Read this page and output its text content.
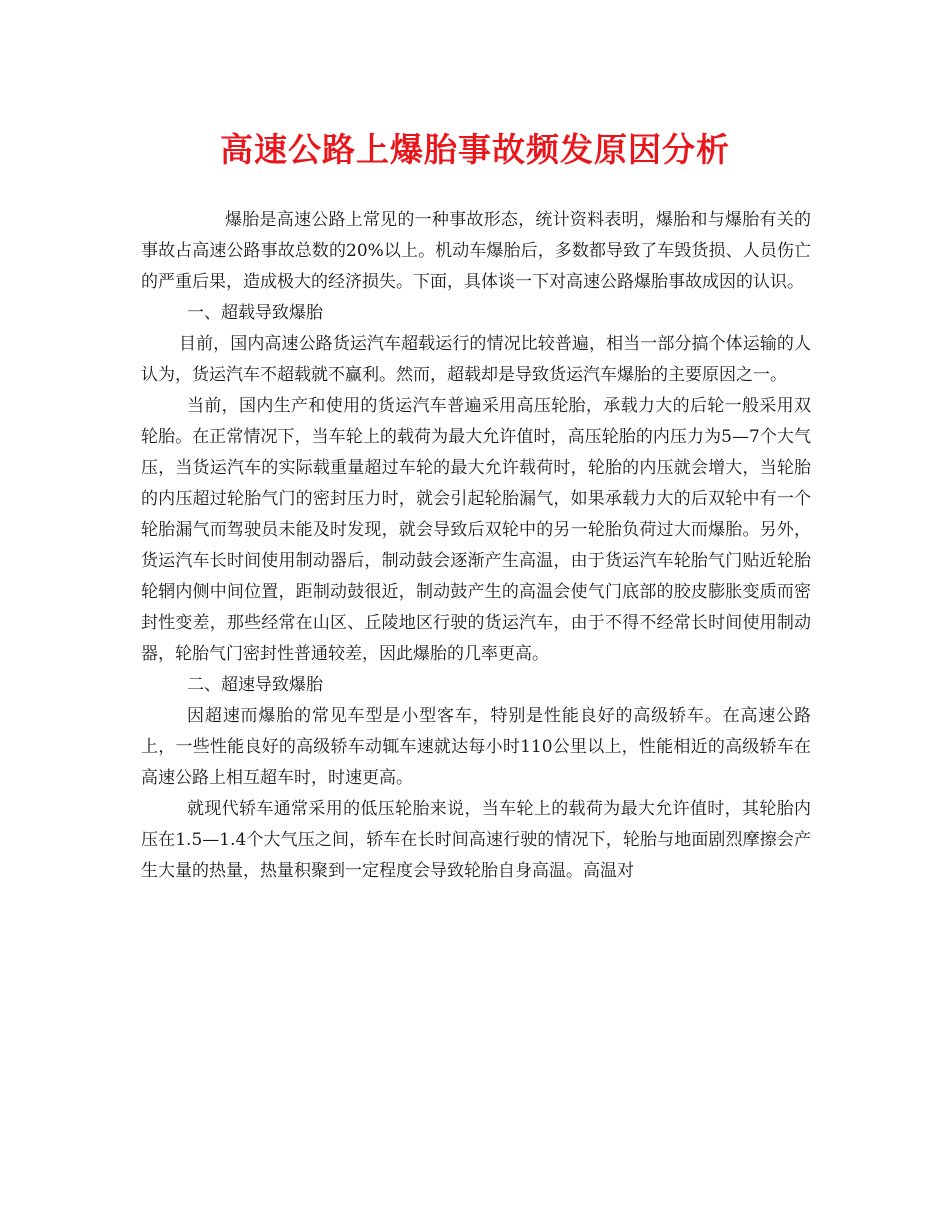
高速公路上爆胎事故频发原因分析

爆胎是高速公路上常见的一种事故形态，统计资料表明，爆胎和与爆胎有关的事故占高速公路事故总数的20%以上。机动车爆胎后，多数都导致了车毁货损、人员伤亡的严重后果，造成极大的经济损失。下面，具体谈一下对高速公路爆胎事故成因的认识。

一、超载导致爆胎

目前，国内高速公路货运汽车超载运行的情况比较普遍，相当一部分搞个体运输的人认为，货运汽车不超载就不赢利。然而，超载却是导致货运汽车爆胎的主要原因之一。

当前，国内生产和使用的货运汽车普遍采用高压轮胎，承载力大的后轮一般采用双轮胎。在正常情况下，当车轮上的载荷为最大允许值时，高压轮胎的内压力为5—7个大气压，当货运汽车的实际载重量超过车轮的最大允许载荷时，轮胎的内压就会增大，当轮胎的内压超过轮胎气门的密封压力时，就会引起轮胎漏气，如果承载力大的后双轮中有一个轮胎漏气而驾驶员未能及时发现，就会导致后双轮中的另一轮胎负荷过大而爆胎。另外，货运汽车长时间使用制动器后，制动鼓会逐渐产生高温，由于货运汽车轮胎气门贴近轮胎轮辋内侧中间位置，距制动鼓很近，制动鼓产生的高温会使气门底部的胶皮膨胀变质而密封性变差，那些经常在山区、丘陵地区行驶的货运汽车，由于不得不经常长时间使用制动器，轮胎气门密封性普通较差，因此爆胎的几率更高。

二、超速导致爆胎

因超速而爆胎的常见车型是小型客车，特别是性能良好的高级轿车。在高速公路上，一些性能良好的高级轿车动辄车速就达每小时110公里以上，性能相近的高级轿车在高速公路上相互超车时，时速更高。

就现代轿车通常采用的低压轮胎来说，当车轮上的载荷为最大允许值时，其轮胎内压在1.5—1.4个大气压之间，轿车在长时间高速行驶的情况下，轮胎与地面剧烈摩擦会产生大量的热量，热量积聚到一定程度会导致轮胎自身高温。高温对
